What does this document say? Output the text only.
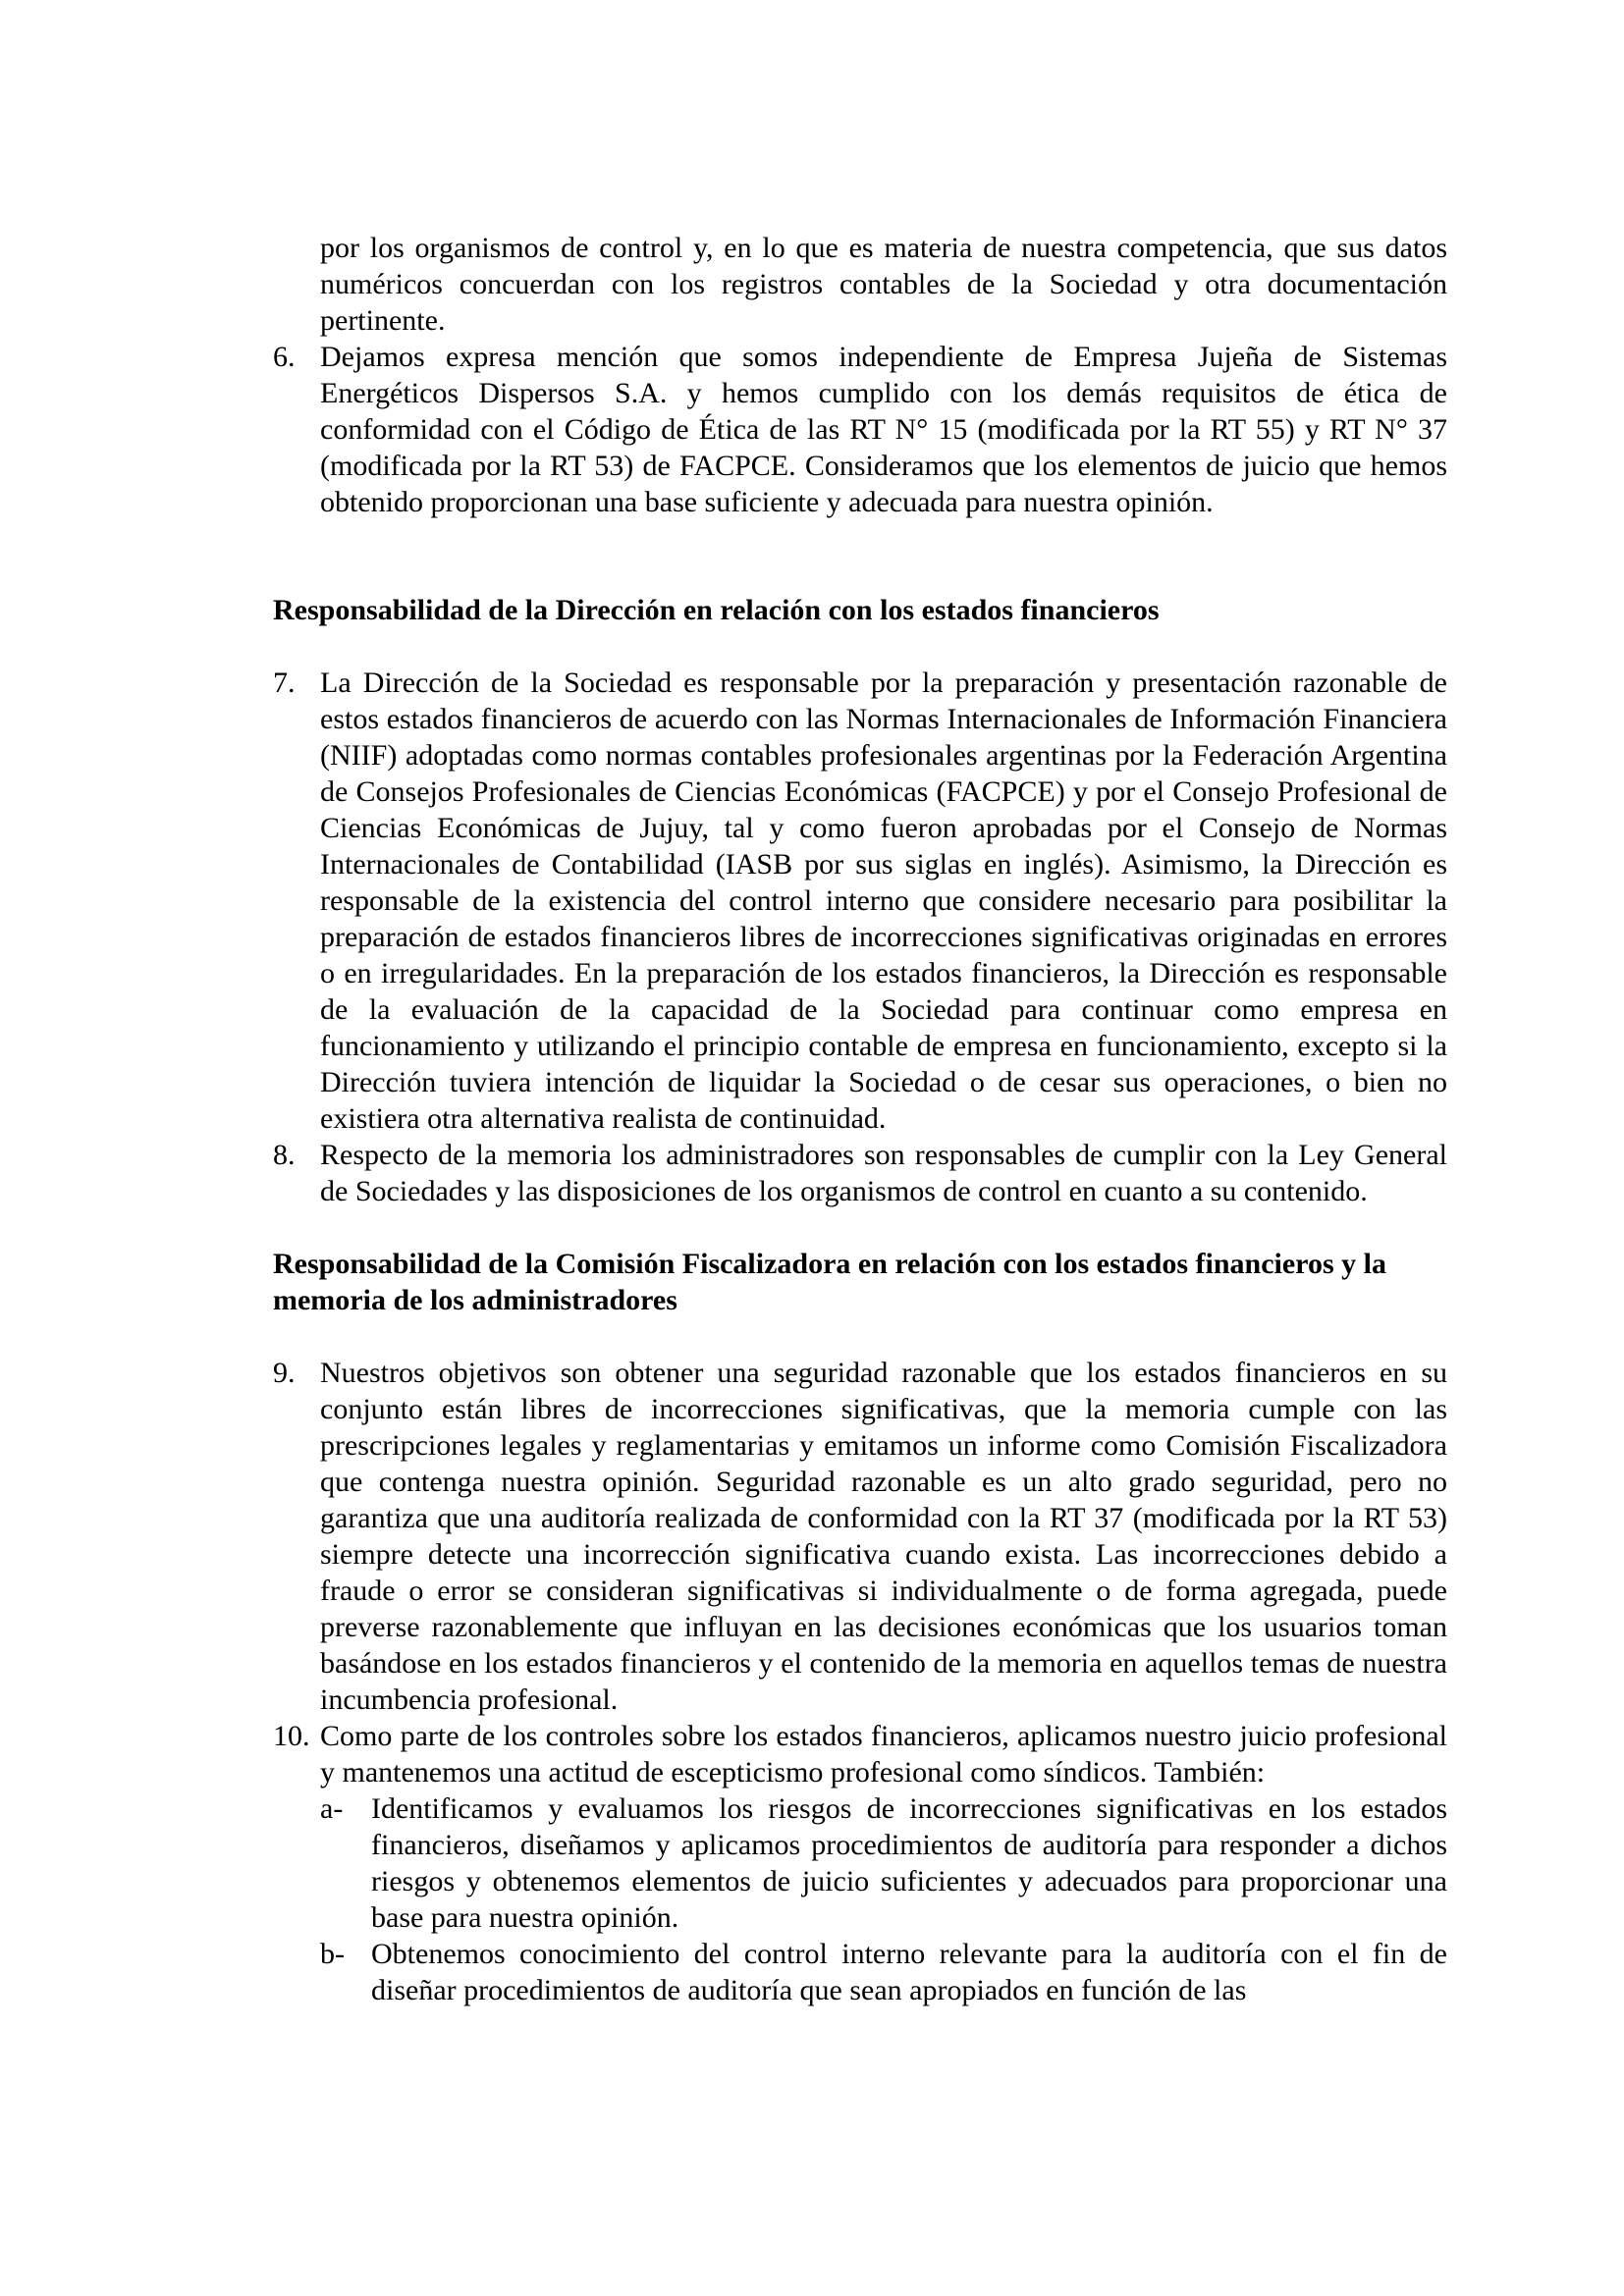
por los organismos de control y, en lo que es materia de nuestra competencia, que sus datos numéricos concuerdan con los registros contables de la Sociedad y otra documentación pertinente.

6. Dejamos expresa mención que somos independiente de Empresa Jujeña de Sistemas Energéticos Dispersos S.A. y hemos cumplido con los demás requisitos de ética de conformidad con el Código de Ética de las RT N° 15 (modificada por la RT 55) y RT N° 37 (modificada por la RT 53) de FACPCE. Consideramos que los elementos de juicio que hemos obtenido proporcionan una base suficiente y adecuada para nuestra opinión.

Responsabilidad de la Dirección en relación con los estados financieros

7. La Dirección de la Sociedad es responsable por la preparación y presentación razonable de estos estados financieros de acuerdo con las Normas Internacionales de Información Financiera (NIIF) adoptadas como normas contables profesionales argentinas por la Federación Argentina de Consejos Profesionales de Ciencias Económicas (FACPCE) y por el Consejo Profesional de Ciencias Económicas de Jujuy, tal y como fueron aprobadas por el Consejo de Normas Internacionales de Contabilidad (IASB por sus siglas en inglés). Asimismo, la Dirección es responsable de la existencia del control interno que considere necesario para posibilitar la preparación de estados financieros libres de incorrecciones significativas originadas en errores o en irregularidades. En la preparación de los estados financieros, la Dirección es responsable de la evaluación de la capacidad de la Sociedad para continuar como empresa en funcionamiento y utilizando el principio contable de empresa en funcionamiento, excepto si la Dirección tuviera intención de liquidar la Sociedad o de cesar sus operaciones, o bien no existiera otra alternativa realista de continuidad.
8. Respecto de la memoria los administradores son responsables de cumplir con la Ley General de Sociedades y las disposiciones de los organismos de control en cuanto a su contenido.

Responsabilidad de la Comisión Fiscalizadora en relación con los estados financieros y la memoria de los administradores

9. Nuestros objetivos son obtener una seguridad razonable que los estados financieros en su conjunto están libres de incorrecciones significativas, que la memoria cumple con las prescripciones legales y reglamentarias y emitamos un informe como Comisión Fiscalizadora que contenga nuestra opinión. Seguridad razonable es un alto grado seguridad, pero no garantiza que una auditoría realizada de conformidad con la RT 37 (modificada por la RT 53) siempre detecte una incorrección significativa cuando exista. Las incorrecciones debido a fraude o error se consideran significativas si individualmente o de forma agregada, puede preverse razonablemente que influyan en las decisiones económicas que los usuarios toman basándose en los estados financieros y el contenido de la memoria en aquellos temas de nuestra incumbencia profesional.
10. Como parte de los controles sobre los estados financieros, aplicamos nuestro juicio profesional y mantenemos una actitud de escepticismo profesional como síndicos. También:
a- Identificamos y evaluamos los riesgos de incorrecciones significativas en los estados financieros, diseñamos y aplicamos procedimientos de auditoría para responder a dichos riesgos y obtenemos elementos de juicio suficientes y adecuados para proporcionar una base para nuestra opinión.
b- Obtenemos conocimiento del control interno relevante para la auditoría con el fin de diseñar procedimientos de auditoría que sean apropiados en función de las
